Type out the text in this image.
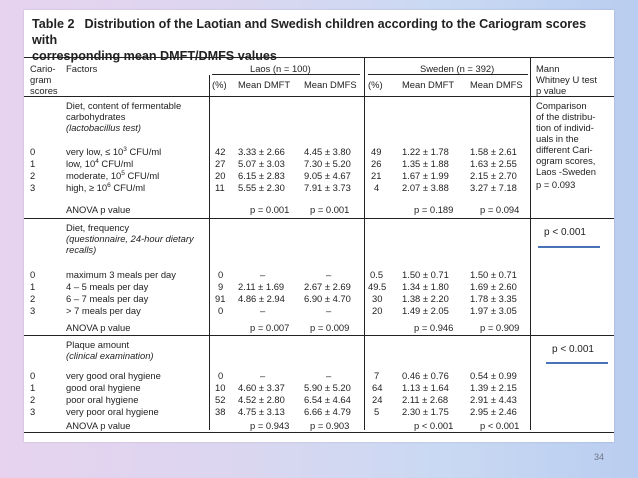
Table 2 Distribution of the Laotian and Swedish children according to the Cariogram scores with
corresponding mean DMFT/DMFS values
Cario-
gram
scores
Factors	Laos (n = 100)	Sweden (n = 392)	Mann
Whitney U test
p value
(%) Mean DMFT Mean DMFS (%) Mean DMFT Mean DMFS
Diet, content of fermentable
carbohydrates
(lactobacillus test)
0	very low, ≤ $10^3$ CFU/ml	42 3.33 ± 2.66 4.45 ± 3.80 49 1.22 ± 1.78 1.58 ± 2.61
1	low, $10^4$ CFU/ml	27 5.07 ± 3.03 7.30 ± 5.20 26 1.35 ± 1.88 1.63 ± 2.55
2	moderate, $10^5$ CFU/ml	20 6.15 ± 2.83 9.05 ± 4.67 21 1.67 ± 1.99 2.15 ± 2.70
3	high, ≥ $10^6$ CFU/ml	11 5.55 ± 2.30 7.91 ± 3.73 4 2.07 ± 3.88 3.27 ± 7.18
ANOVA p value	p = 0.001 p = 0.001	p = 0.189	p = 0.094
Comparison
of the distribu-
tion of individ-
uals in the
different Cari-
ogram scores,
Laos -Sweden
p = 0.093
Diet, frequency
(questionnaire, 24-hour dietary
recalls)
0	maximum 3 meals per day	0	–	–	0.5 1.50 ± 0.71 1.50 ± 0.71
1	4 – 5 meals per day	9 2.11 ± 1.69 2.67 ± 2.69 49.5 1.34 ± 1.80 1.69 ± 2.60
2	6 – 7 meals per day	91 4.86 ± 2.94 6.90 ± 4.70 30 1.38 ± 2.20 1.78 ± 3.35
3	> 7 meals per day	0	–	–	20 1.49 ± 2.05 1.97 ± 3.05
ANOVA p value	p = 0.007 p = 0.009	p = 0.946	p = 0.909
p < 0.001
Plaque amount
(clinical examination)
0	very good oral hygiene	0	–	–	7 0.46 ± 0.76 0.54 ± 0.99
1	good oral hygiene	10 4.60 ± 3.37 5.90 ± 5.20 64 1.13 ± 1.64 1.39 ± 2.15
2	poor oral hygiene	52 4.52 ± 2.80 6.54 ± 4.64 24 2.11 ± 2.68 2.91 ± 4.43
3	very poor oral hygiene	38 4.75 ± 3.13 6.66 ± 4.79 5 2.30 ± 1.75 2.95 ± 2.46
ANOVA p value	p = 0.943 p = 0.903	p < 0.001	p < 0.001
p < 0.001
34
